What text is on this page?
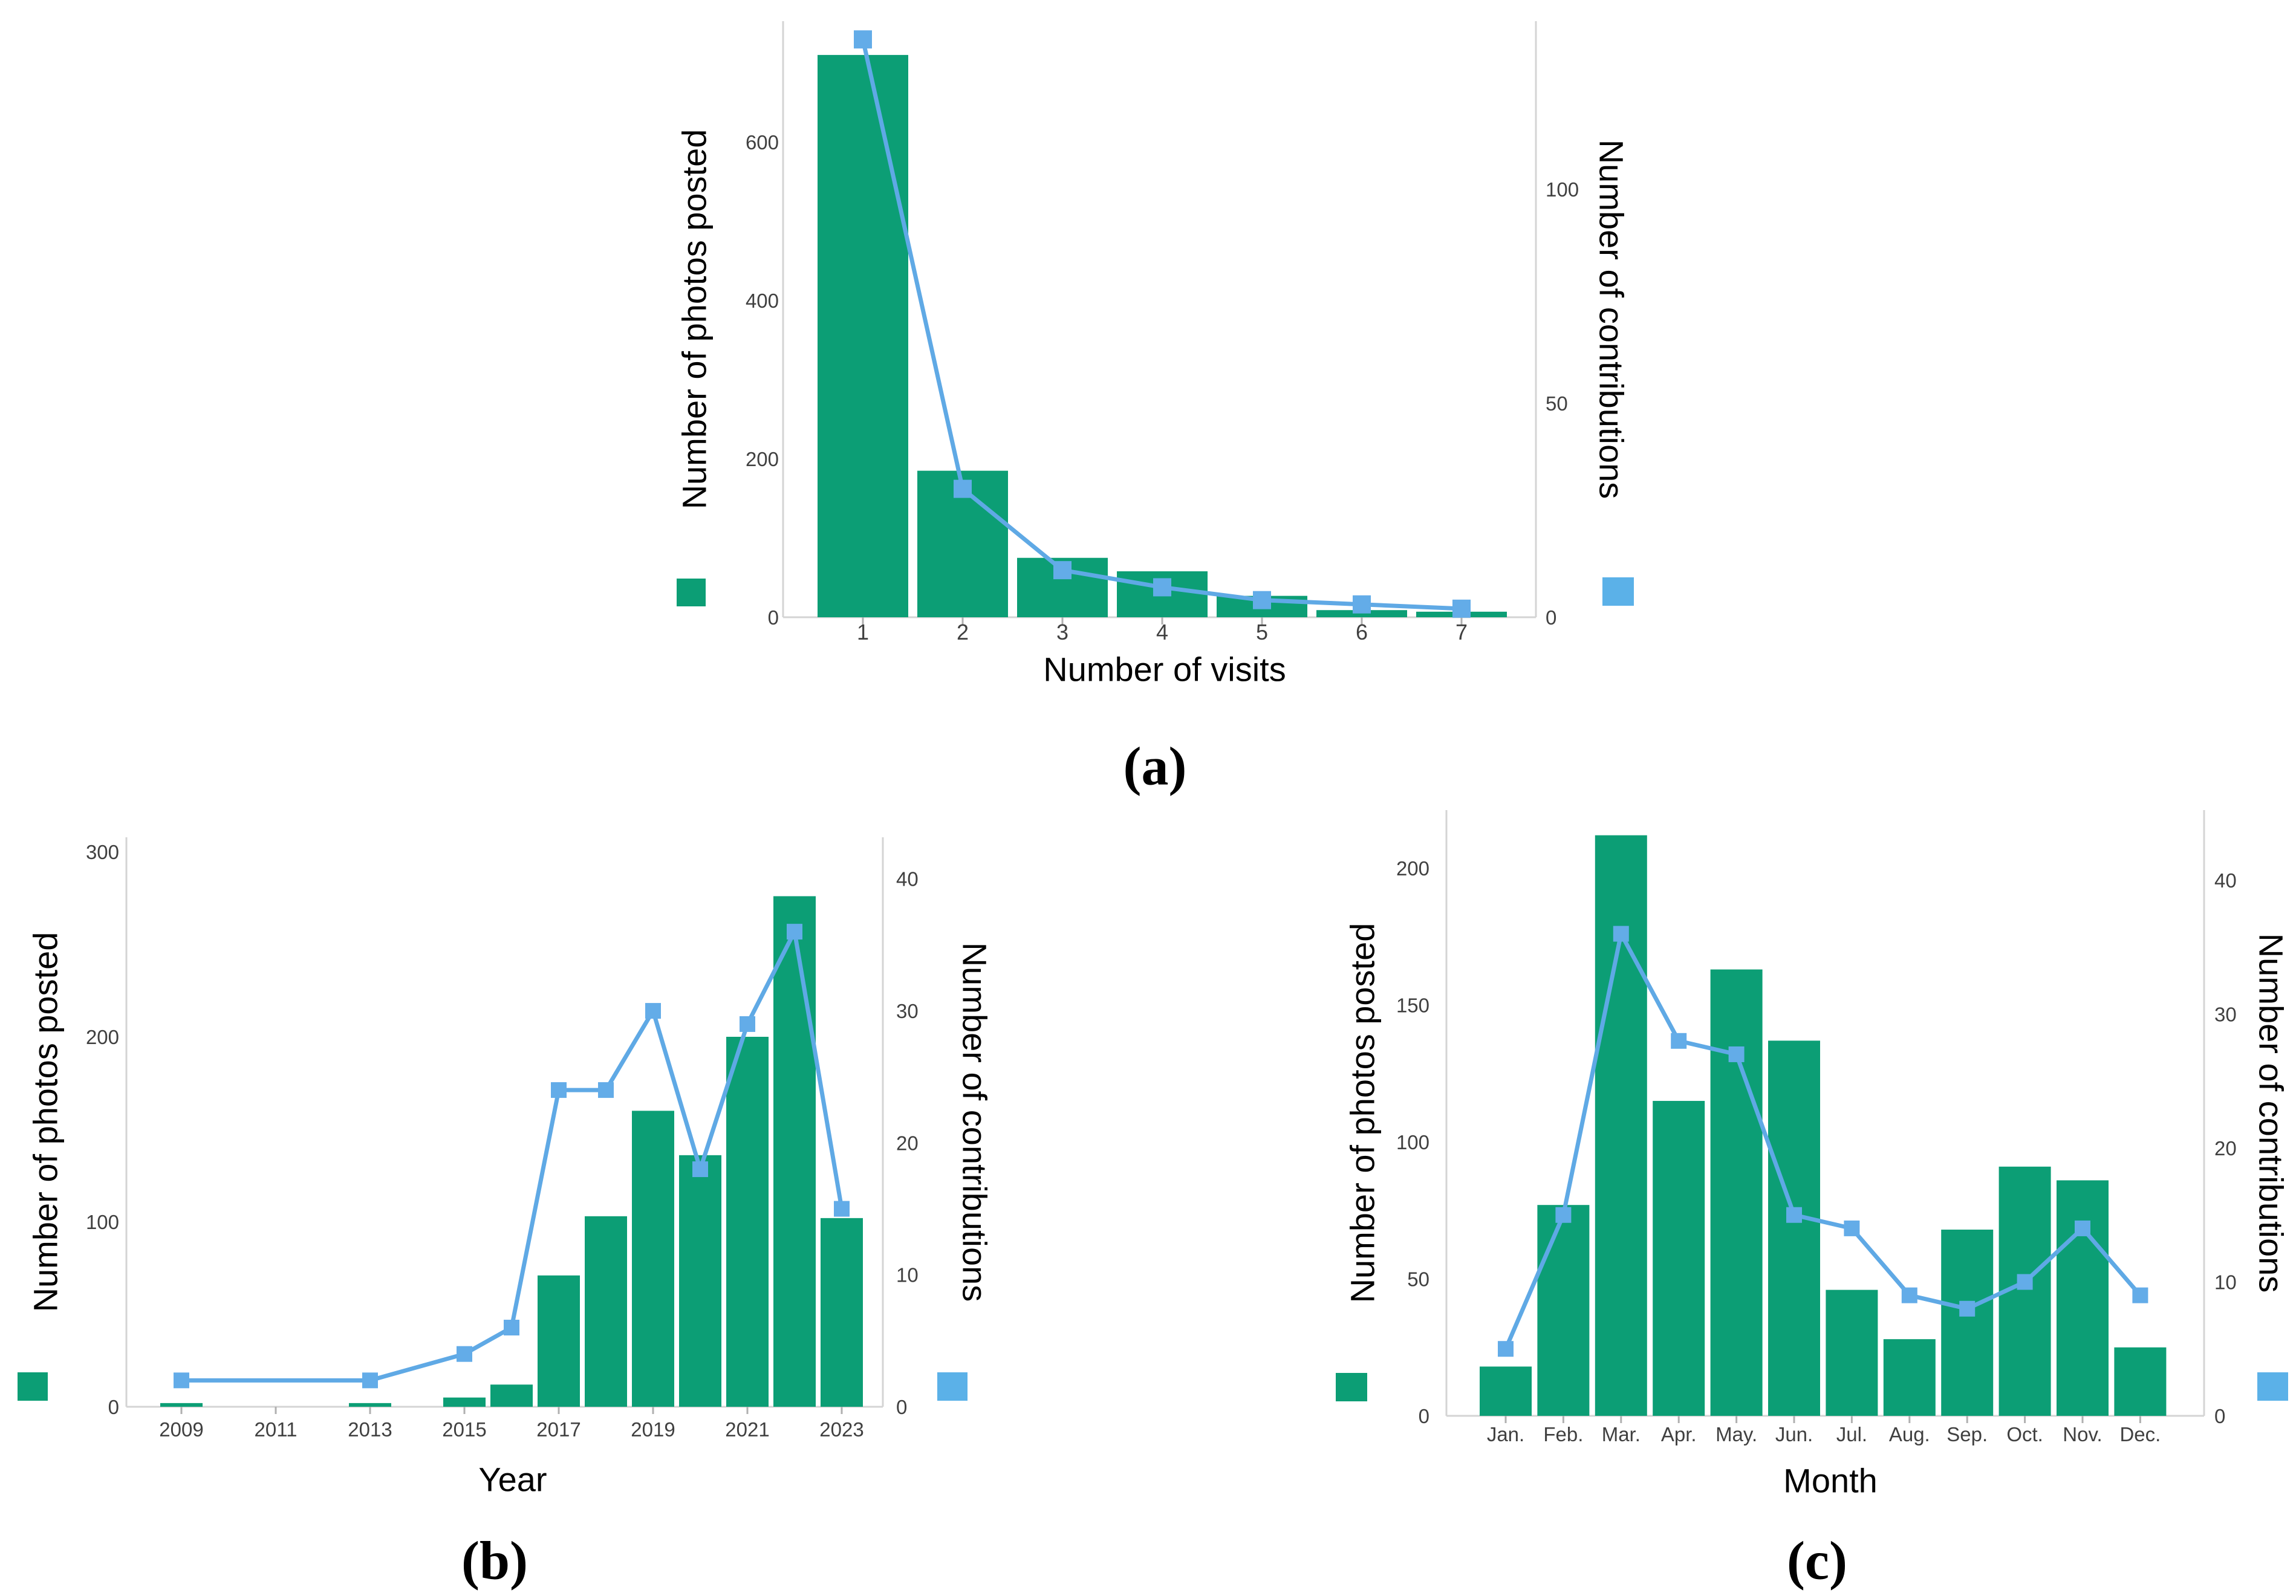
1	2	3	4	5	6	7
0
200
400
600
0
50
100
2009	2011	2013	2015	2017	2019	2021	2023
0
100
200
300
0
10
20
30
40
Jan. Feb. Mar. Apr. May. Jun. Jul. Aug. Sep. Oct. Nov. Dec.
0
50
100
150
200
0
10
20
30
40
Number of photos posted	Number of contributions
Number of visits
(a)
Number of photos posted	Number of contributions
Year
(b)
Number of photos posted	Number of contributions
Month
(c)
